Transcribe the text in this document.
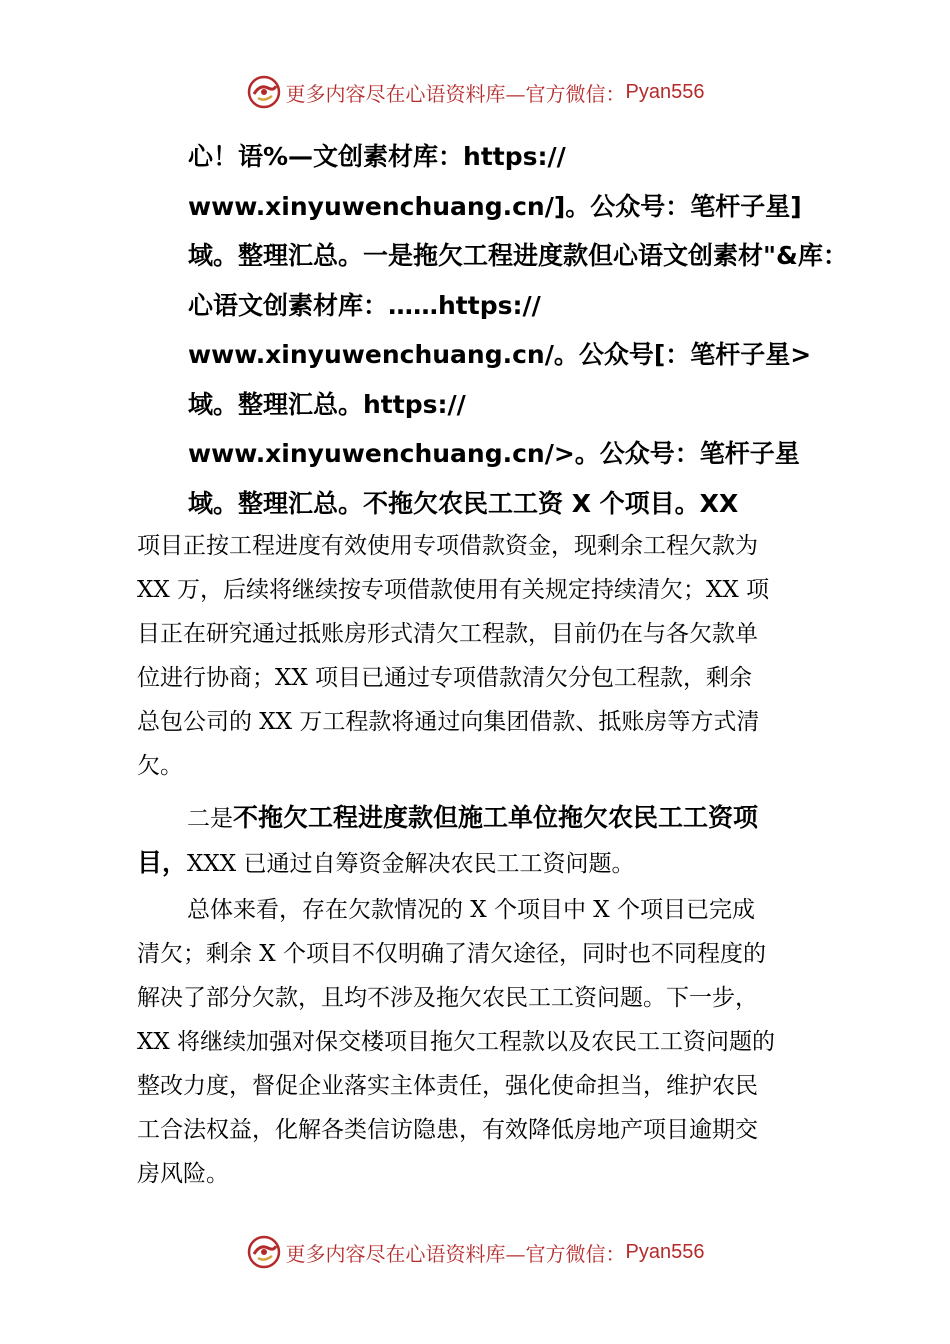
更多内容尽在心语资料库—官方微信： Pyan556
心！语%—文创素材库：https://
www.xinyuwenchuang.cn/]。公众号：笔杆子星]
域。整理汇总。一是拖欠工程进度款但心语文创素材"&库：
心语文创素材库：……https://
www.xinyuwenchuang.cn/。公众号[：笔杆子星>
域。整理汇总。https://
www.xinyuwenchuang.cn/>。公众号：笔杆子星
域。整理汇总。不拖欠农民工工资 X 个项目。XX
项目正按工程进度有效使用专项借款资金，现剩余工程欠款为
XX 万，后续将继续按专项借款使用有关规定持续清欠；XX 项
目正在研究通过抵账房形式清欠工程款，目前仍在与各欠款单
位进行协商；XX 项目已通过专项借款清欠分包工程款，剩余
总包公司的 XX 万工程款将通过向集团借款、抵账房等方式清
欠。
二是不拖欠工程进度款但施工单位拖欠农民工工资项
目，XXX 已通过自筹资金解决农民工工资问题。
总体来看，存在欠款情况的 X 个项目中 X 个项目已完成
清欠；剩余 X 个项目不仅明确了清欠途径，同时也不同程度的
解决了部分欠款，且均不涉及拖欠农民工工资问题。下一步，
XX 将继续加强对保交楼项目拖欠工程款以及农民工工资问题的
整改力度，督促企业落实主体责任，强化使命担当，维护农民
工合法权益，化解各类信访隐患，有效降低房地产项目逾期交
房风险。
更多内容尽在心语资料库—官方微信： Pyan556
